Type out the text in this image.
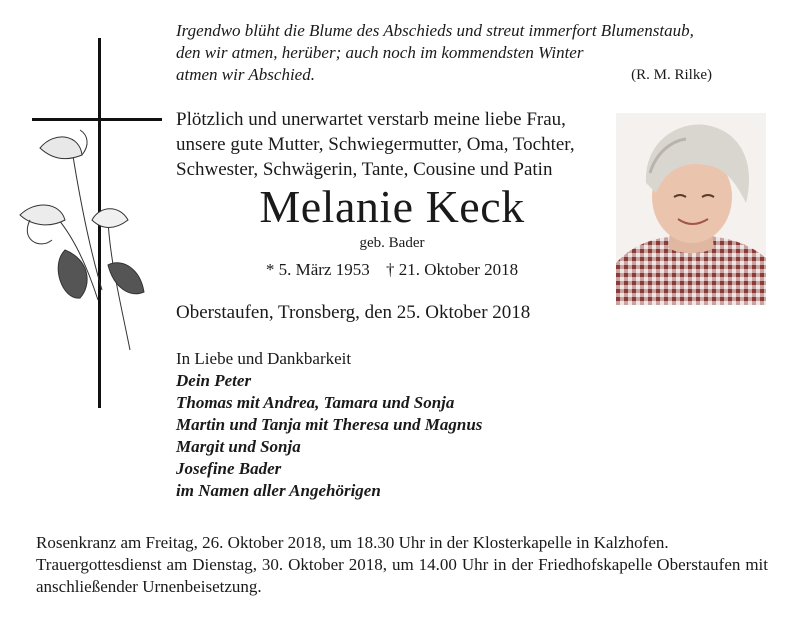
Irgendwo blüht die Blume des Abschieds und streut immerfort Blumenstaub,
den wir atmen, herüber; auch noch im kommendsten Winter
atmen wir Abschied.	(R. M. Rilke)
Plötzlich und unerwartet verstarb meine liebe Frau,
unsere gute Mutter, Schwiegermutter, Oma, Tochter,
Schwester, Schwägerin, Tante, Cousine und Patin
Melanie Keck
geb. Bader
* 5. März 1953 † 21. Oktober 2018
Oberstaufen, Tronsberg, den 25. Oktober 2018
In Liebe und Dankbarkeit
Dein Peter
Thomas mit Andrea, Tamara und Sonja
Martin und Tanja mit Theresa und Magnus
Margit und Sonja
Josefine Bader
im Namen aller Angehörigen

Rosenkranz am Freitag, 26. Oktober 2018, um 18.30 Uhr in der Klosterkapelle in Kalzhofen.

Trauergottesdienst am Dienstag, 30. Oktober 2018, um 14.00 Uhr in der Friedhofskapelle Oberstaufen mit anschließender Urnenbeisetzung.
